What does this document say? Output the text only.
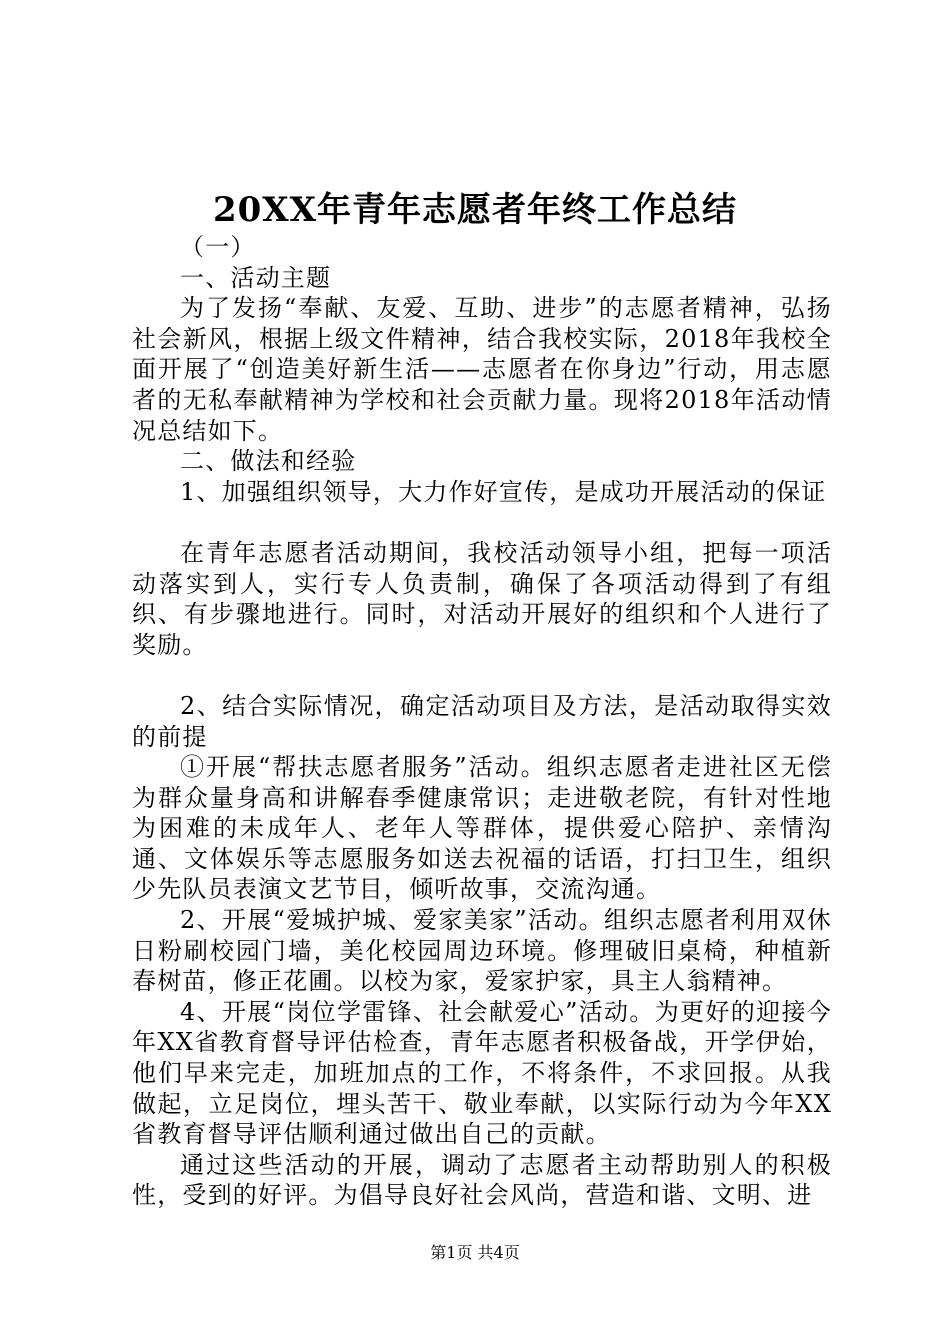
20XX年青年志愿者年终工作总结

（一）

一、活动主题

为了发扬“奉献、友爱、互助、进步”的志愿者精神，弘扬社会新风，根据上级文件精神，结合我校实际，2018年我校全面开展了“创造美好新生活——志愿者在你身边”行动，用志愿者的无私奉献精神为学校和社会贡献力量。现将2018年活动情况总结如下。

二、做法和经验

1、加强组织领导，大力作好宣传，是成功开展活动的保证

在青年志愿者活动期间，我校活动领导小组，把每一项活动落实到人，实行专人负责制，确保了各项活动得到了有组织、有步骤地进行。同时，对活动开展好的组织和个人进行了奖励。

2、结合实际情况，确定活动项目及方法，是活动取得实效的前提

①开展“帮扶志愿者服务”活动。组织志愿者走进社区无偿为群众量身高和讲解春季健康常识；走进敬老院，有针对性地为困难的未成年人、老年人等群体，提供爱心陪护、亲情沟通、文体娱乐等志愿服务如送去祝福的话语，打扫卫生，组织少先队员表演文艺节目，倾听故事，交流沟通。

2、开展“爱城护城、爱家美家”活动。组织志愿者利用双休日粉刷校园门墙，美化校园周边环境。修理破旧桌椅，种植新春树苗，修正花圃。以校为家，爱家护家，具主人翁精神。

4、开展“岗位学雷锋、社会献爱心”活动。为更好的迎接今年XX省教育督导评估检查，青年志愿者积极备战，开学伊始，他们早来完走，加班加点的工作，不将条件，不求回报。从我做起，立足岗位，埋头苦干、敬业奉献，以实际行动为今年XX省教育督导评估顺利通过做出自己的贡献。

通过这些活动的开展，调动了志愿者主动帮助别人的积极性，受到的好评。为倡导良好社会风尚，营造和谐、文明、进

第1页 共4页
